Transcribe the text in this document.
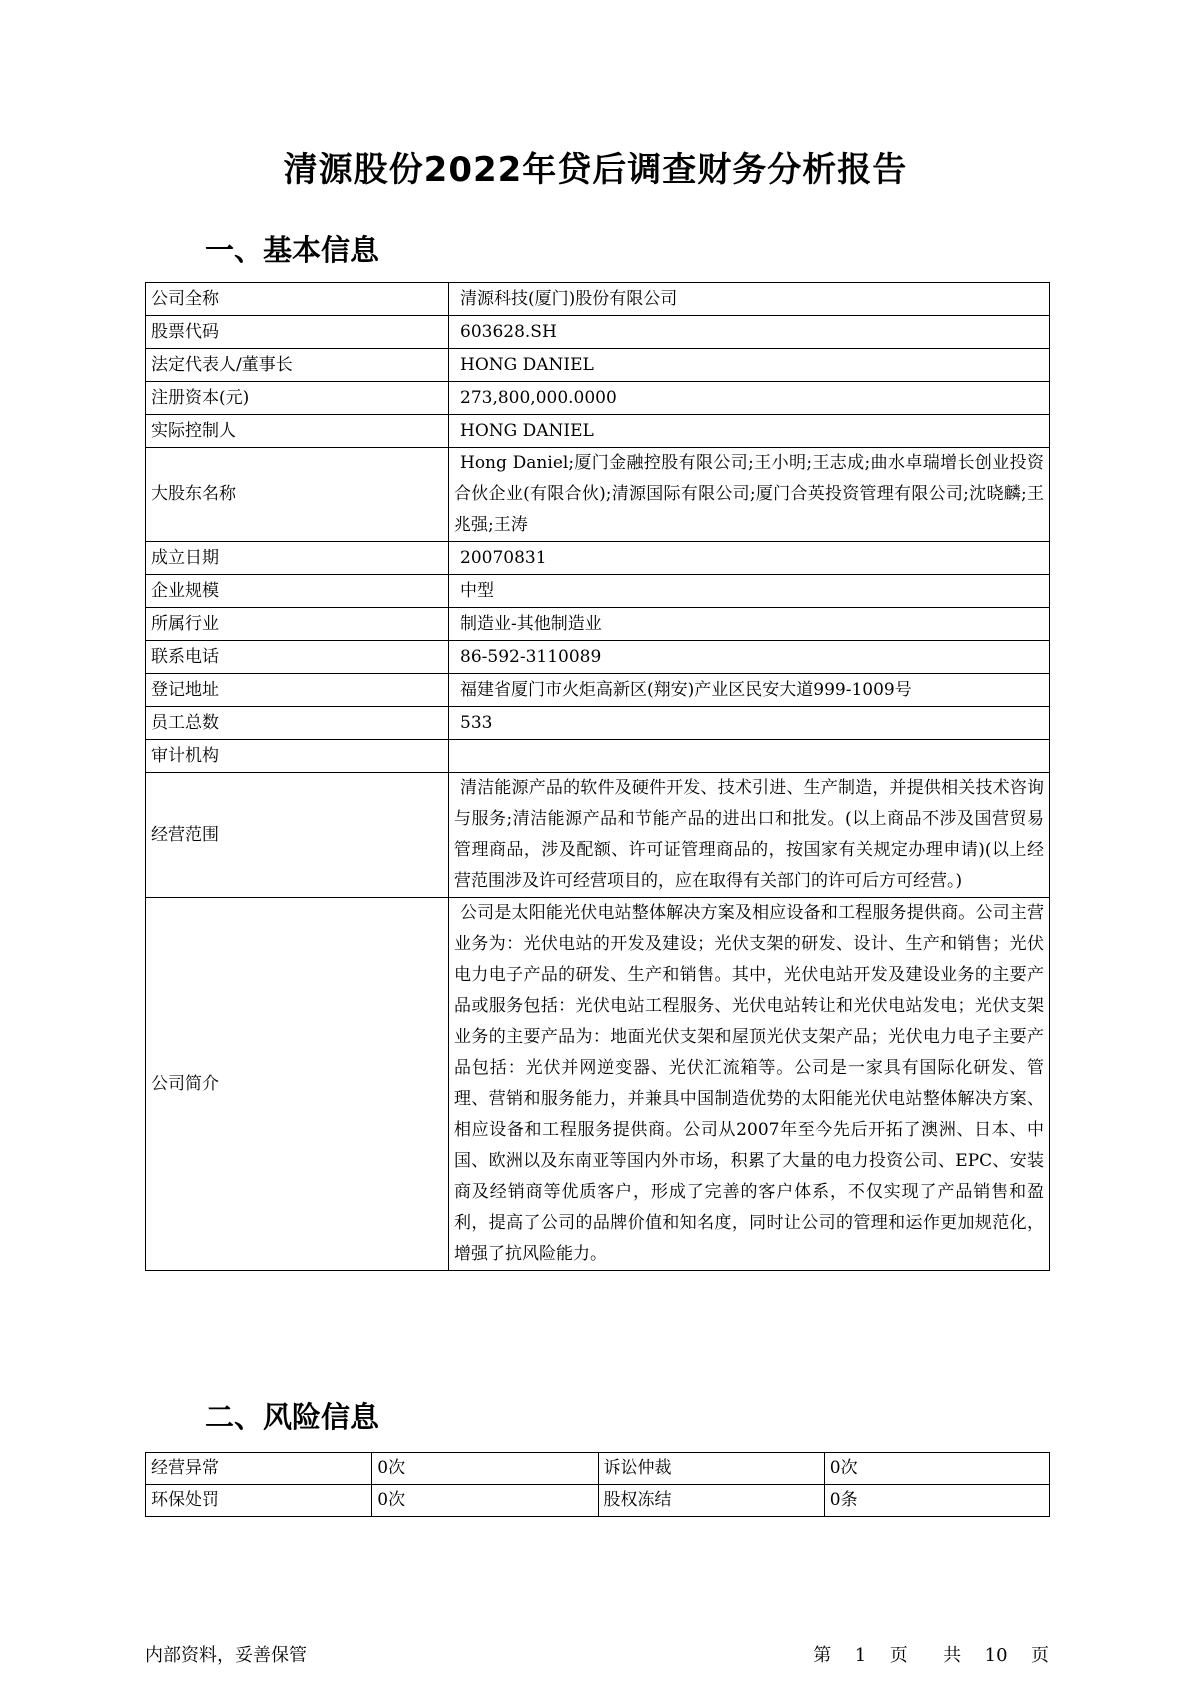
清源股份2022年贷后调查财务分析报告
一、基本信息
公司全称	清源科技(厦门)股份有限公司

股票代码	603628.SH

法定代表人/董事长	HONG DANIEL

注册资本(元)	273,800,000.0000

实际控制人	HONG DANIEL

大股东名称	Hong Daniel;厦门金融控股有限公司;王小明;王志成;曲水卓瑞增长创业投资合伙企业(有限合伙);清源国际有限公司;厦门合英投资管理有限公司;沈晓麟;王兆强;王涛

成立日期	20070831

企业规模	中型

所属行业	制造业-其他制造业

联系电话	86-592-3110089

登记地址	福建省厦门市火炬高新区(翔安)产业区民安大道999-1009号

员工总数	533

审计机构	

经营范围	清洁能源产品的软件及硬件开发、技术引进、生产制造，并提供相关技术咨询与服务;清洁能源产品和节能产品的进出口和批发。(以上商品不涉及国营贸易管理商品，涉及配额、许可证管理商品的，按国家有关规定办理申请)(以上经营范围涉及许可经营项目的，应在取得有关部门的许可后方可经营。)

公司简介	公司是太阳能光伏电站整体解决方案及相应设备和工程服务提供商。公司主营业务为：光伏电站的开发及建设；光伏支架的研发、设计、生产和销售；光伏电力电子产品的研发、生产和销售。其中，光伏电站开发及建设业务的主要产品或服务包括：光伏电站工程服务、光伏电站转让和光伏电站发电；光伏支架业务的主要产品为：地面光伏支架和屋顶光伏支架产品；光伏电力电子主要产品包括：光伏并网逆变器、光伏汇流箱等。公司是一家具有国际化研发、管理、营销和服务能力，并兼具中国制造优势的太阳能光伏电站整体解决方案、相应设备和工程服务提供商。公司从2007年至今先后开拓了澳洲、日本、中国、欧洲以及东南亚等国内外市场，积累了大量的电力投资公司、EPC、安装商及经销商等优质客户，形成了完善的客户体系，不仅实现了产品销售和盈利，提高了公司的品牌价值和知名度，同时让公司的管理和运作更加规范化，增强了抗风险能力。
二、风险信息
经营异常	0次	诉讼仲裁	0次
环保处罚	0次	股权冻结	0条
内部资料，妥善保管	第 1 页 共 10 页
